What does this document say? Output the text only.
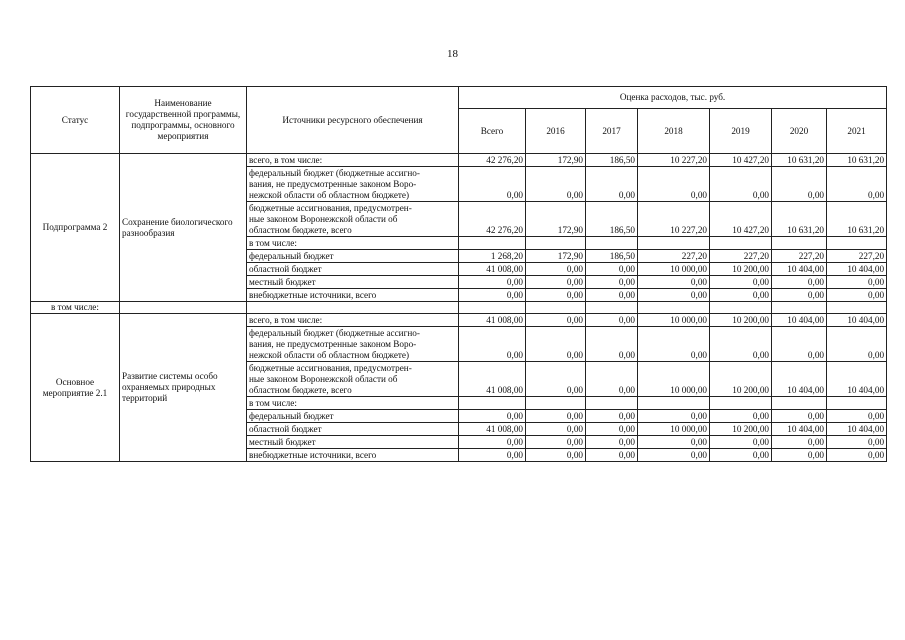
18
Статус	Наименование государственной программы, подпрограммы, основного мероприятия	Источники ресурсного обеспечения	Оценка расходов, тыс. руб.						
			Всего	2016	2017	2018	2019	2020	2021
Подпрограмма 2	Сохранение биологического разнообразия	всего, в том числе:	42 276,20	172,90	186,50	10 227,20	10 427,20	10 631,20	10 631,20
		федеральный бюджет (бюджетные ассигно-
вания, не предусмотренные законом Воро-
нежской области об областном бюджете)	0,00	0,00	0,00	0,00	0,00	0,00	0,00
		бюджетные ассигнования, предусмотрен-
ные законом Воронежской области об
областном бюджете, всего	42 276,20	172,90	186,50	10 227,20	10 427,20	10 631,20	10 631,20
		в том числе:							
		федеральный бюджет	1 268,20	172,90	186,50	227,20	227,20	227,20	227,20
		областной бюджет	41 008,00	0,00	0,00	10 000,00	10 200,00	10 404,00	10 404,00
		местный бюджет	0,00	0,00	0,00	0,00	0,00	0,00	0,00
		внебюджетные источники, всего	0,00	0,00	0,00	0,00	0,00	0,00	0,00
в том числе:									
Основное мероприятие 2.1	Развитие системы особо охраняемых природных территорий	всего, в том числе:	41 008,00	0,00	0,00	10 000,00	10 200,00	10 404,00	10 404,00
		федеральный бюджет (бюджетные ассигно-
вания, не предусмотренные законом Воро-
нежской области об областном бюджете)	0,00	0,00	0,00	0,00	0,00	0,00	0,00
		бюджетные ассигнования, предусмотрен-
ные законом Воронежской области об
областном бюджете, всего	41 008,00	0,00	0,00	10 000,00	10 200,00	10 404,00	10 404,00
		в том числе:							
		федеральный бюджет	0,00	0,00	0,00	0,00	0,00	0,00	0,00
		областной бюджет	41 008,00	0,00	0,00	10 000,00	10 200,00	10 404,00	10 404,00
		местный бюджет	0,00	0,00	0,00	0,00	0,00	0,00	0,00
		внебюджетные источники, всего	0,00	0,00	0,00	0,00	0,00	0,00	0,00
